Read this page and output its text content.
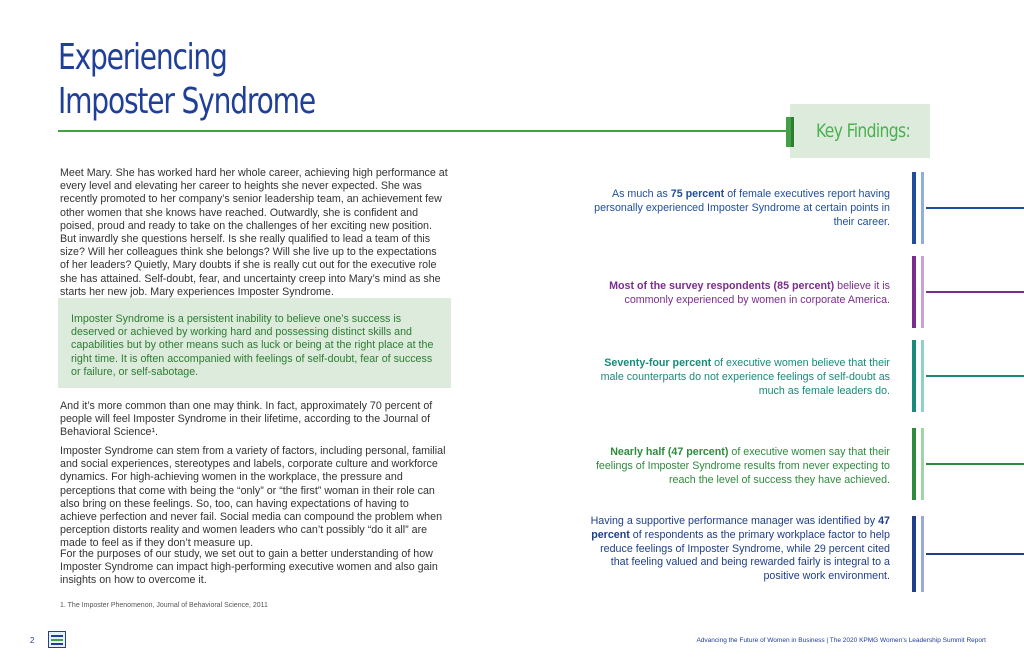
Experiencing
Imposter Syndrome
Key Findings:

Meet Mary. She has worked hard her whole career, achieving high performance at every level and elevating her career to heights she never expected. She was recently promoted to her company’s senior leadership team, an achievement few other women that she knows have reached. Outwardly, she is confident and poised, proud and ready to take on the challenges of her exciting new position. But inwardly she questions herself. Is she really qualified to lead a team of this size? Will her colleagues think she belongs? Will she live up to the expectations of her leaders? Quietly, Mary doubts if she is really cut out for the executive role she has attained. Self-doubt, fear, and uncertainty creep into Mary’s mind as she starts her new job. Mary experiences Imposter Syndrome.

Imposter Syndrome is a persistent inability to believe one’s success is deserved or achieved by working hard and possessing distinct skills and capabilities but by other means such as luck or being at the right place at the right time. It is often accompanied with feelings of self-doubt, fear of success or failure, or self-sabotage.

And it’s more common than one may think. In fact, approximately 70 percent of people will feel Imposter Syndrome in their lifetime, according to the Journal of Behavioral Science¹.

Imposter Syndrome can stem from a variety of factors, including personal, familial and social experiences, stereotypes and labels, corporate culture and workforce dynamics. For high-achieving women in the workplace, the pressure and perceptions that come with being the “only” or “the first” woman in their role can also bring on these feelings. So, too, can having expectations of having to achieve perfection and never fail. Social media can compound the problem when perception distorts reality and women leaders who can’t possibly “do it all” are made to feel as if they don’t measure up.

For the purposes of our study, we set out to gain a better understanding of how Imposter Syndrome can impact high-performing executive women and also gain insights on how to overcome it.

1. The Imposter Phenomenon, Journal of Behavioral Science, 2011
2	Advancing the Future of Women in Business | The 2020 KPMG Women’s Leadership Summit Report
As much as 75 percent of female executives report having personally experienced Imposter Syndrome at certain points in their career.
Most of the survey respondents (85 percent) believe it is commonly experienced by women in corporate America.
Seventy-four percent of executive women believe that their male counterparts do not experience feelings of self-doubt as much as female leaders do.
Nearly half (47 percent) of executive women say that their feelings of Imposter Syndrome results from never expecting to reach the level of success they have achieved.
Having a supportive performance manager was identified by 47 percent of respondents as the primary workplace factor to help reduce feelings of Imposter Syndrome, while 29 percent cited that feeling valued and being rewarded fairly is integral to a positive work environment.
